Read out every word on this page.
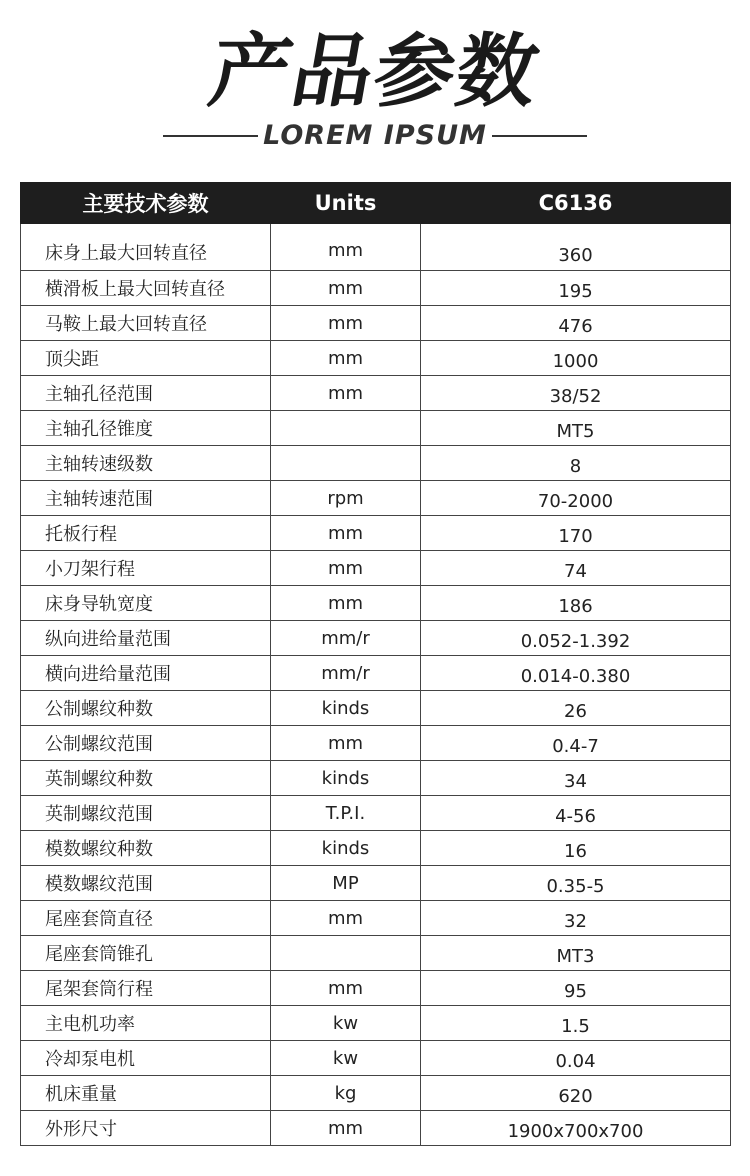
产品参数
LOREM IPSUM
主要技术参数	Units	C6136
床身上最大回转直径	mm	360
横滑板上最大回转直径	mm	195
马鞍上最大回转直径	mm	476
顶尖距	mm	1000
主轴孔径范围	mm	38/52
主轴孔径锥度		MT5
主轴转速级数		8
主轴转速范围	rpm	70-2000
托板行程	mm	170
小刀架行程	mm	74
床身导轨宽度	mm	186
纵向进给量范围	mm/r	0.052-1.392
横向进给量范围	mm/r	0.014-0.380
公制螺纹种数	kinds	26
公制螺纹范围	mm	0.4-7
英制螺纹种数	kinds	34
英制螺纹范围	T.P.I.	4-56
模数螺纹种数	kinds	16
模数螺纹范围	MP	0.35-5
尾座套筒直径	mm	32
尾座套筒锥孔		MT3
尾架套筒行程	mm	95
主电机功率	kw	1.5
冷却泵电机	kw	0.04
机床重量	kg	620
外形尺寸	mm	1900x700x700
